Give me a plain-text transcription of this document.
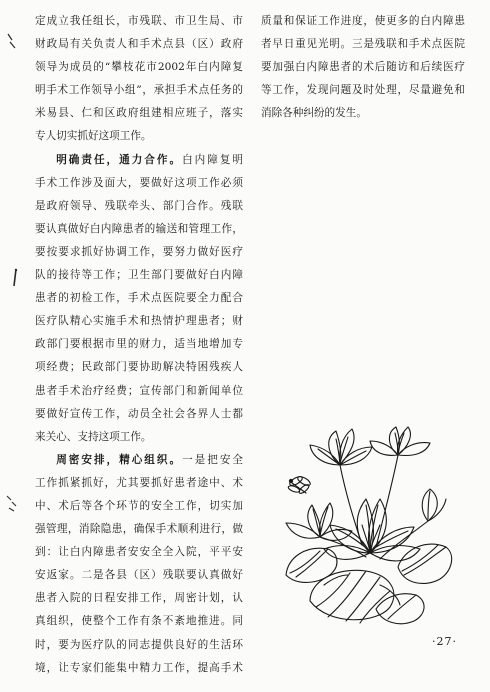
定成立我任组长，市残联、市卫生局、市

财政局有关负责人和手术点县（区）政府

领导为成员的“攀枝花市2002年白内障复

明手术工作领导小组”，承担手术点任务的

米易县、仁和区政府组建相应班子，落实

专人切实抓好这项工作。

明确责任，通力合作。白内障复明

手术工作涉及面大，要做好这项工作必须

是政府领导、残联牵头、部门合作。残联

要认真做好白内障患者的输送和管理工作，

要按要求抓好协调工作，要努力做好医疗

队的接待等工作；卫生部门要做好白内障

患者的初检工作，手术点医院要全力配合

医疗队精心实施手术和热情护理患者；财

政部门要根据市里的财力，适当地增加专

项经费；民政部门要协助解决特困残疾人

患者手术治疗经费；宣传部门和新闻单位

要做好宣传工作，动员全社会各界人士都

来关心、支持这项工作。

周密安排，精心组织。一是把安全

工作抓紧抓好，尤其要抓好患者途中、术

中、术后等各个环节的安全工作，切实加

强管理，消除隐患，确保手术顺利进行，做

到：让白内障患者安安全全入院，平平安

安返家。二是各县（区）残联要认真做好

患者入院的日程安排工作，周密计划，认

真组织，使整个工作有条不紊地推进。同

时，要为医疗队的同志提供良好的生活环

境，让专家们能集中精力工作，提高手术

质量和保证工作进度，使更多的白内障患

者早日重见光明。三是残联和手术点医院

要加强白内障患者的术后随访和后续医疗

等工作，发现问题及时处理，尽量避免和

消除各种纠纷的发生。

·27·
